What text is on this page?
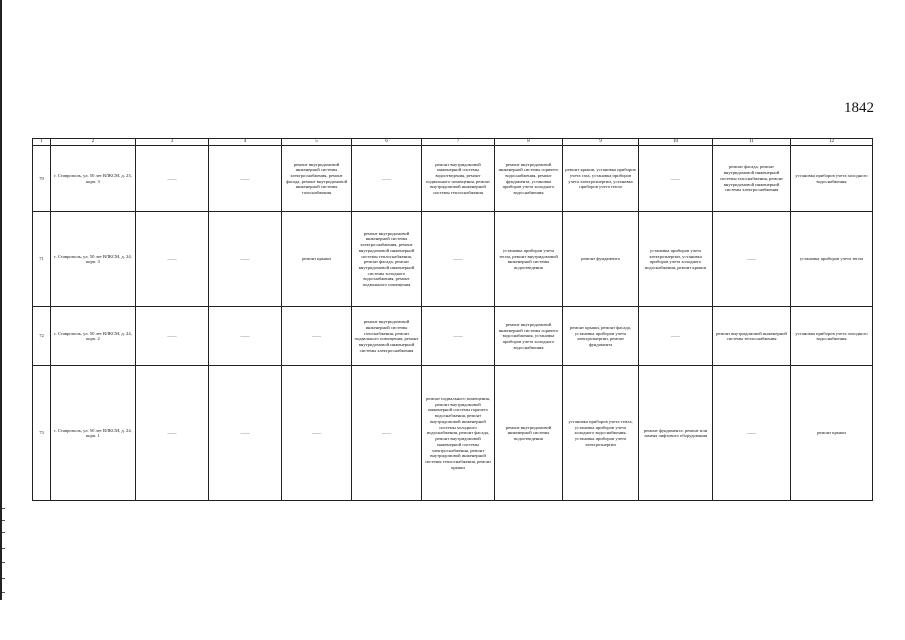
1842
1	2	3	4	5	6	7	8	9	10	11	12
70	г. Ставрополь, ул. 50 лет ВЛКСМ, д. 23, корп. 3	——	——	ремонт внутридомовой инженерной системы электроснабжения, ремонт фасада, ремонт внутридомовой инженерной системы газоснабжения	——	ремонт внутридомовой инженерной системы водоотведения, ремонт подвального помещения, ремонт внутридомовой инженерной системы теплоснабжения	ремонт внутридомовой инженерной системы горячего водоснабжения, ремонт фундамента, установка приборов учета холодного водоснабжения	ремонт крыши, установка приборов учета газа, установка приборов учета электроэнергии, установка приборов учета тепла	——	ремонт фасада, ремонт внутридомовой инженерной системы газоснабжения, ремонт внутридомовой инженерной системы электроснабжения	установка приборов учета холодного водоснабжения
71	г. Ставрополь, ул. 50 лет ВЛКСМ, д. 24, корп. 3	——	——	ремонт крыши	ремонт внутридомовой инженерной системы электроснабжения, ремонт внутридомовой инженерной системы теплоснабжения, ремонт фасада, ремонт внутридомовой инженерной системы холодного водоснабжения, ремонт подвального помещения	——	установка приборов учета тепла, ремонт внутридомовой инженерной системы водоотведения	ремонт фундамента	установка приборов учета электроэнергии, установка приборов учета холодного водоснабжения, ремонт крыши	——	установка приборов учета тепла
72	г. Ставрополь, ул. 50 лет ВЛКСМ, д. 24, корп. 2	——	——	——	ремонт внутридомовой инженерной системы газоснабжения, ремонт подвального помещения, ремонт внутридомовой инженерной системы электроснабжения	——	ремонт внутридомовой инженерной системы горячего водоснабжения, установка приборов учета холодного водоснабжения	ремонт крыши, ремонт фасада, установка приборов учета электроэнергии, ремонт фундамента	——	ремонт внутридомовой инженерной системы теплоснабжения	установка приборов учета холодного водоснабжения
73	г. Ставрополь, ул. 50 лет ВЛКСМ, д. 24, корп. 1	——	——	——	——	ремонт подвального помещения, ремонт внутридомовой инженерной системы горячего водоснабжения, ремонт внутридомовой инженерной системы холодного водоснабжения, ремонт фасада, ремонт внутридомовой инженерной системы электроснабжения, ремонт внутридомовой инженерной системы теплоснабжения, ремонт крыши	ремонт внутридомовой инженерной системы водоотведения	установка приборов учета тепла, установка приборов учета холодного водоснабжения, установка приборов учета электроэнергии	ремонт фундамента, ремонт или замена лифтового оборудования	——	ремонт крыши
